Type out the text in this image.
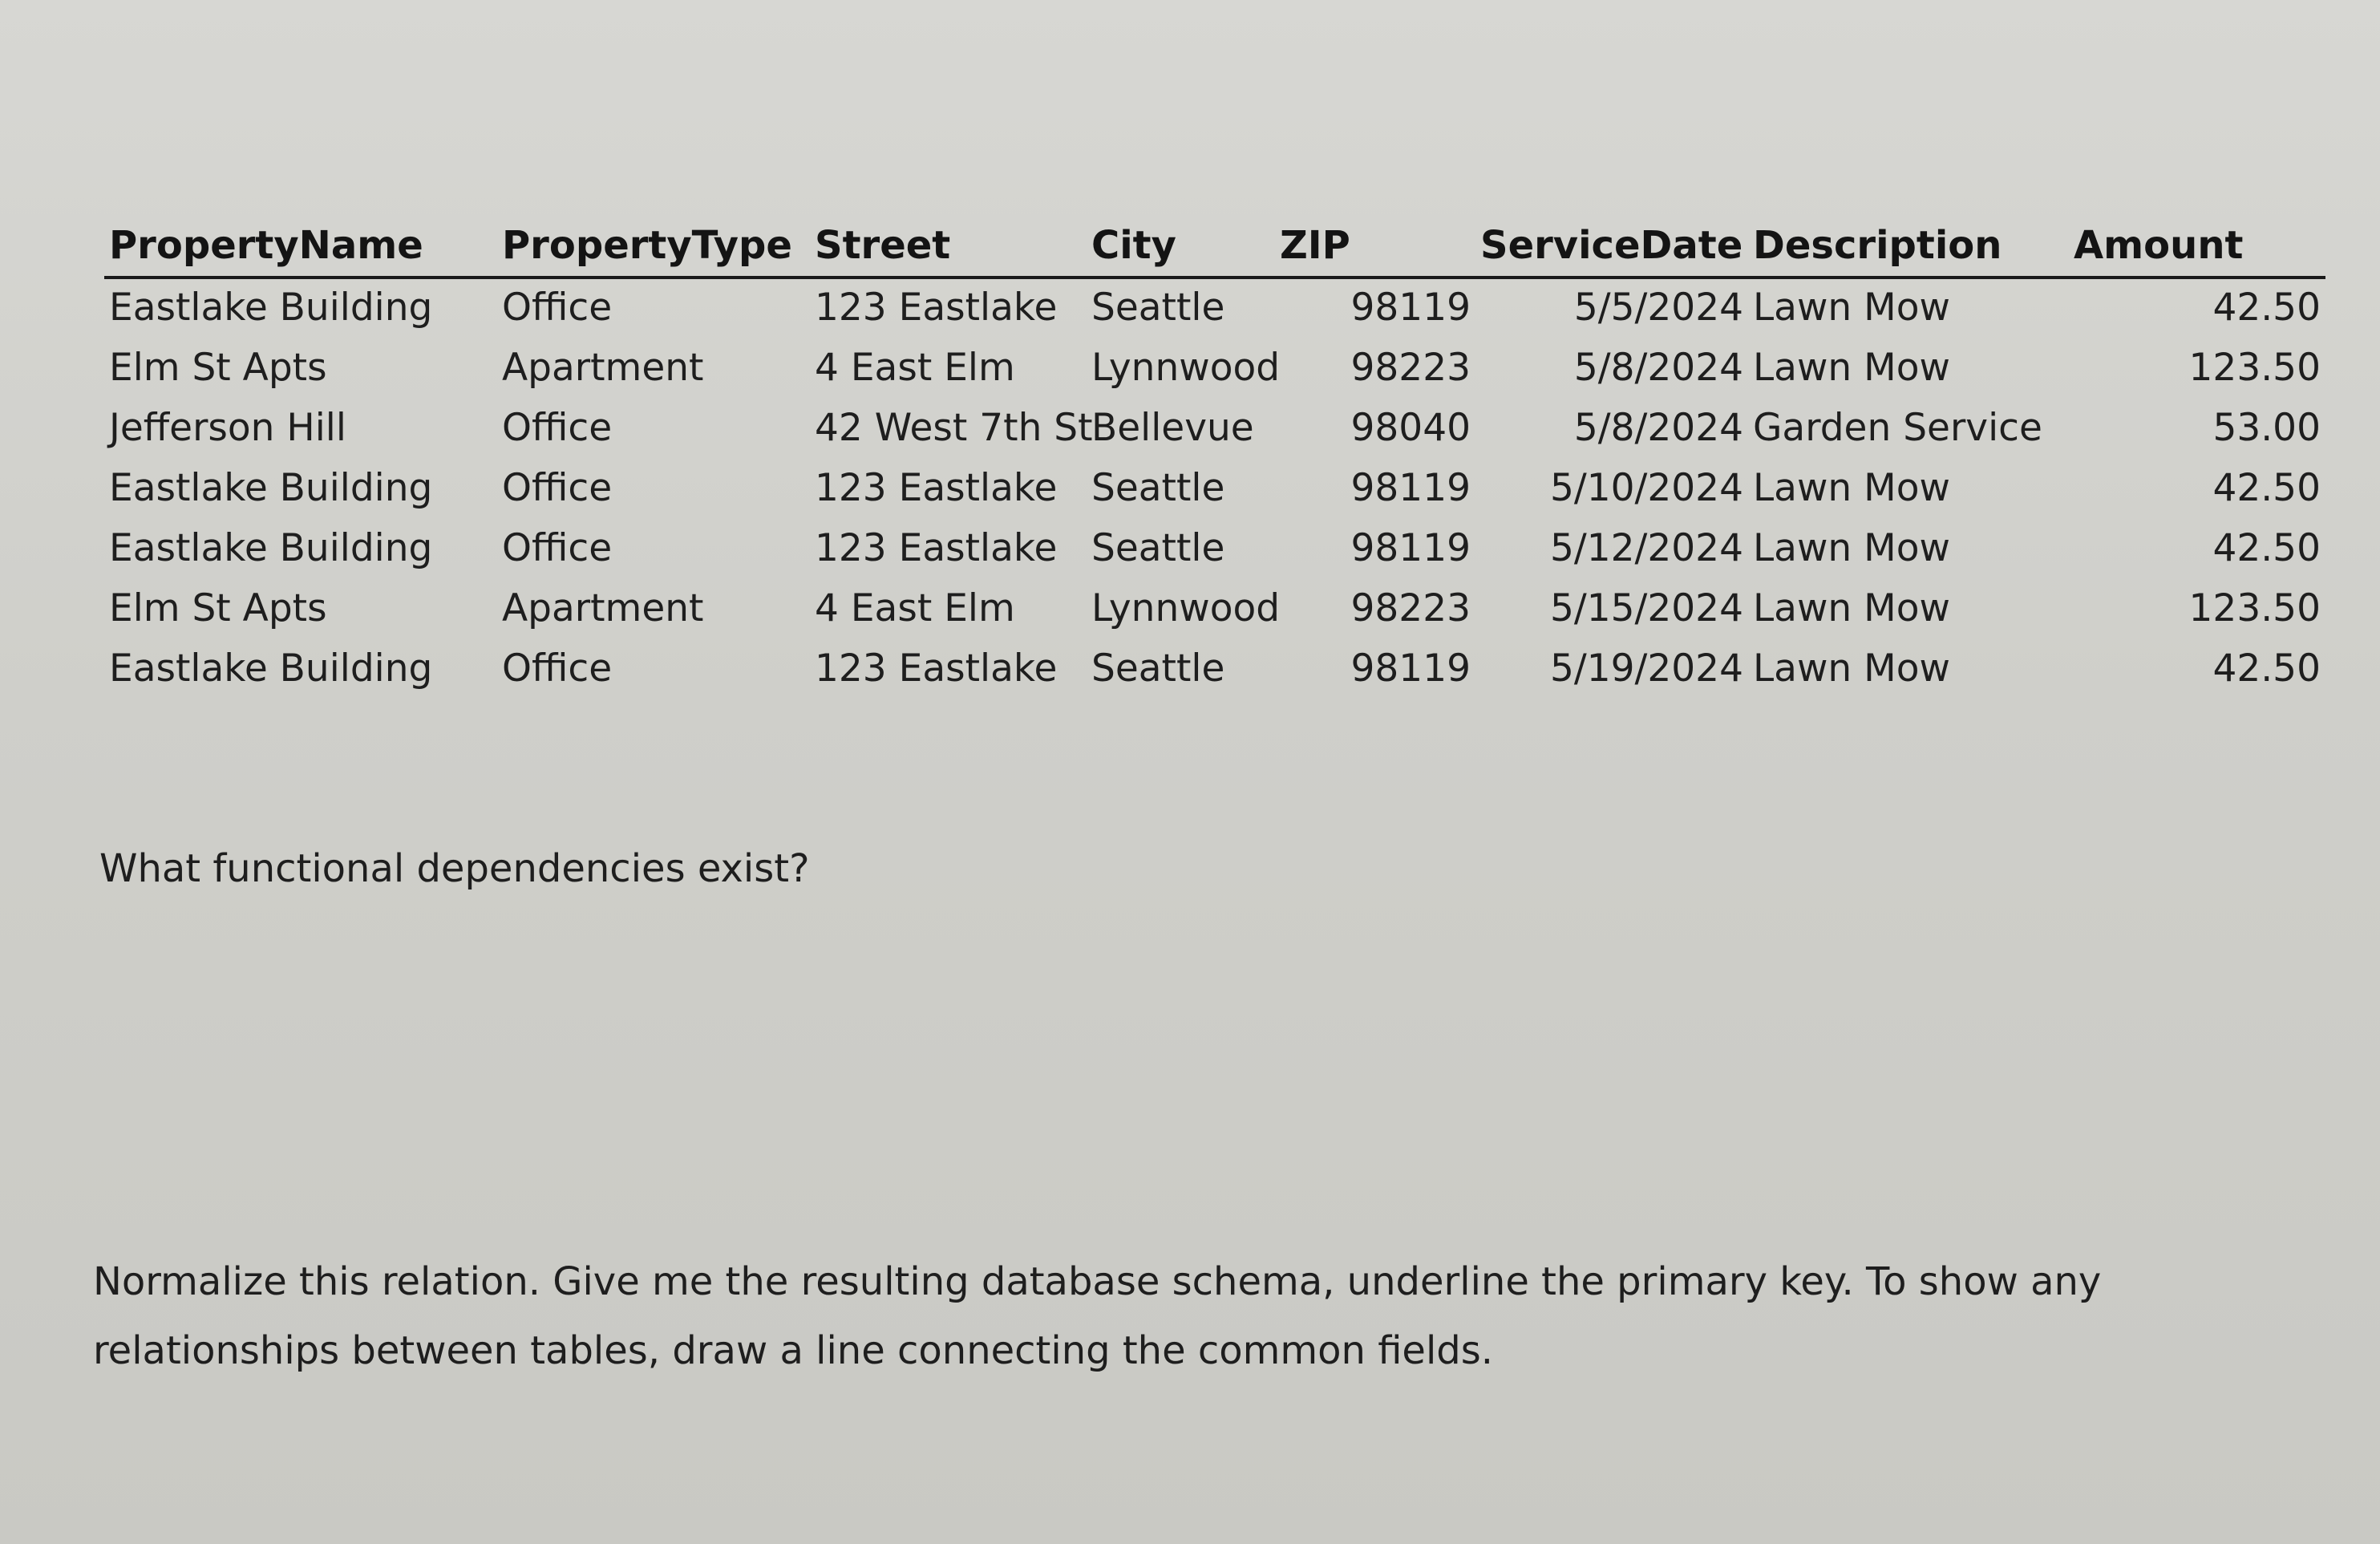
PropertyName	PropertyType	Street	City	ZIP	ServiceDate	Description	Amount
Eastlake Building	Office	123 Eastlake	Seattle	98119	5/5/2024	Lawn Mow	42.50
Elm St Apts	Apartment	4 East Elm	Lynnwood	98223	5/8/2024	Lawn Mow	123.50
Jefferson Hill	Office	42 West 7th St	Bellevue	98040	5/8/2024	Garden Service	53.00
Eastlake Building	Office	123 Eastlake	Seattle	98119	5/10/2024	Lawn Mow	42.50
Eastlake Building	Office	123 Eastlake	Seattle	98119	5/12/2024	Lawn Mow	42.50
Elm St Apts	Apartment	4 East Elm	Lynnwood	98223	5/15/2024	Lawn Mow	123.50
Eastlake Building	Office	123 Eastlake	Seattle	98119	5/19/2024	Lawn Mow	42.50
What functional dependencies exist?
Normalize this relation. Give me the resulting database schema, underline the primary key. To show any relationships between tables, draw a line connecting the common fields.
